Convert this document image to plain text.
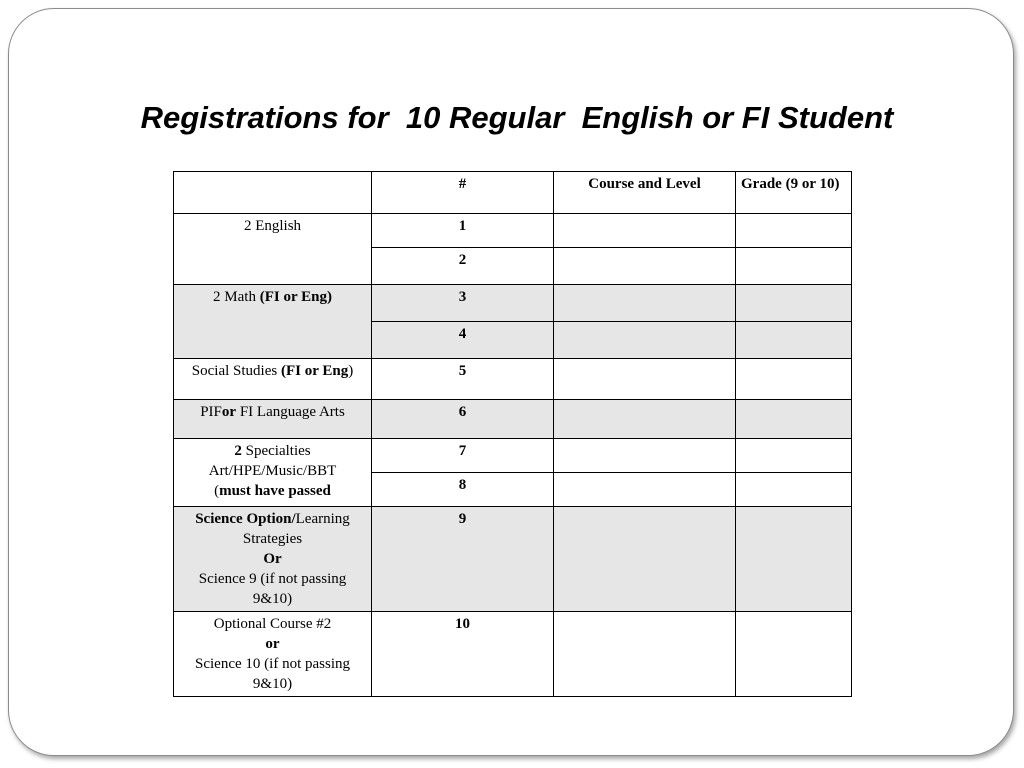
Registrations for  10 Regular  English or FI Student
	#	Course and Level	Grade (9 or 10)
2 English	1		
	2		
2 Math (FI or Eng)	3		
	4		
Social Studies (FI or Eng)	5		
PIFor FI Language Arts	6		
2 Specialties
Art/HPE/Music/BBT
(must have passed	7		
	8		
Science Option/Learning Strategies
Or
Science 9 (if not passing 9&10)	9		
Optional Course #2
or
Science 10 (if not passing 9&10)	10		
